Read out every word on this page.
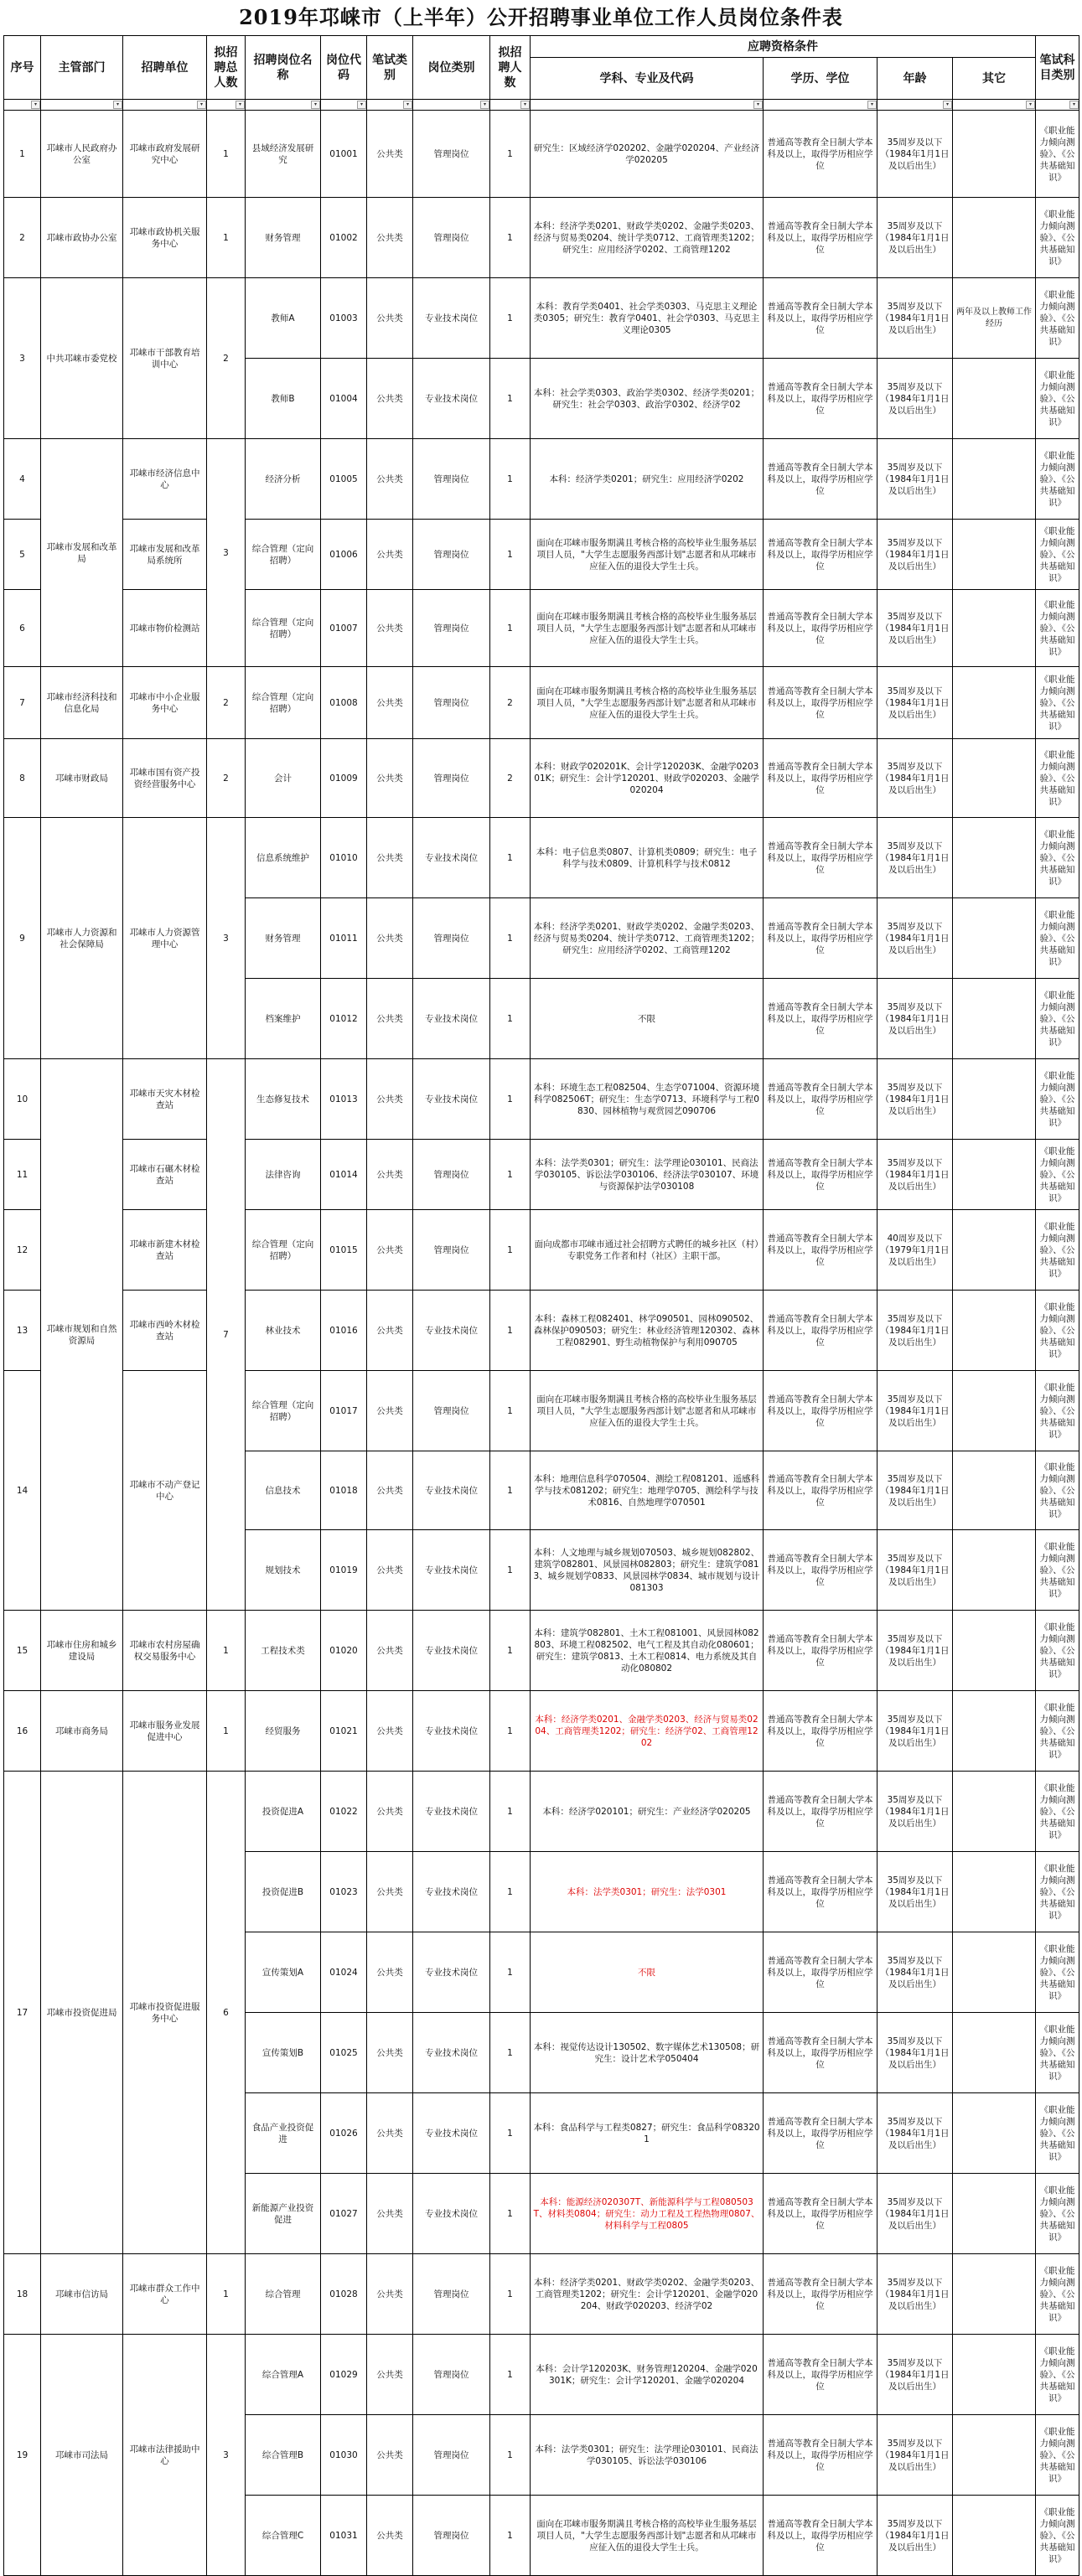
2019年邛崃市（上半年）公开招聘事业单位工作人员岗位条件表
序号	主管部门	招聘单位	拟招聘总人数	招聘岗位名称	岗位代码	笔试类别	岗位类别	拟招聘人数	应聘资格条件				笔试科目类别
									学科、专业及代码	学历、学位	年龄	其它	

▾	▾	▾	▾	▾	▾	▾	▾	▾	▾	▾	▾	▾	▾

1	邛崃市人民政府办公室	邛崃市政府发展研究中心	1	县域经济发展研究	01001	公共类	管理岗位	1	研究生：区域经济学020202、金融学020204、产业经济学020205	普通高等教育全日制大学本科及以上，取得学历相应学位	35周岁及以下（1984年1月1日及以后出生）		《职业能力倾向测验》、《公共基础知识》
2	邛崃市政协办公室	邛崃市政协机关服务中心	1	财务管理	01002	公共类	管理岗位	1	本科：经济学类0201、财政学类0202、金融学类0203、经济与贸易类0204、统计学类0712、工商管理类1202；研究生：应用经济学0202、工商管理1202	普通高等教育全日制大学本科及以上，取得学历相应学位	35周岁及以下（1984年1月1日及以后出生）		《职业能力倾向测验》、《公共基础知识》
3	中共邛崃市委党校	邛崃市干部教育培训中心	2	教师A	01003	公共类	专业技术岗位	1	本科：教育学类0401、社会学类0303、马克思主义理论类0305；研究生：教育学0401、社会学0303、马克思主义理论0305	普通高等教育全日制大学本科及以上，取得学历相应学位	35周岁及以下（1984年1月1日及以后出生）	两年及以上教师工作经历	《职业能力倾向测验》、《公共基础知识》
				教师B	01004	公共类	专业技术岗位	1	本科：社会学类0303、政治学类0302、经济学类0201；研究生：社会学0303、政治学0302、经济学02	普通高等教育全日制大学本科及以上，取得学历相应学位	35周岁及以下（1984年1月1日及以后出生）		《职业能力倾向测验》、《公共基础知识》
4	邛崃市发展和改革局	邛崃市经济信息中心	3	经济分析	01005	公共类	管理岗位	1	本科：经济学类0201；研究生：应用经济学0202	普通高等教育全日制大学本科及以上，取得学历相应学位	35周岁及以下（1984年1月1日及以后出生）		《职业能力倾向测验》、《公共基础知识》
5		邛崃市发展和改革局系统所		综合管理（定向招聘）	01006	公共类	管理岗位	1	面向在邛崃市服务期满且考核合格的高校毕业生服务基层项目人员，"大学生志愿服务西部计划"志愿者和从邛崃市应征入伍的退役大学生士兵。	普通高等教育全日制大学本科及以上，取得学历相应学位	35周岁及以下（1984年1月1日及以后出生）		《职业能力倾向测验》、《公共基础知识》
6		邛崃市物价检测站		综合管理（定向招聘）	01007	公共类	管理岗位	1	面向在邛崃市服务期满且考核合格的高校毕业生服务基层项目人员，"大学生志愿服务西部计划"志愿者和从邛崃市应征入伍的退役大学生士兵。	普通高等教育全日制大学本科及以上，取得学历相应学位	35周岁及以下（1984年1月1日及以后出生）		《职业能力倾向测验》、《公共基础知识》
7	邛崃市经济科技和信息化局	邛崃市中小企业服务中心	2	综合管理（定向招聘）	01008	公共类	管理岗位	2	面向在邛崃市服务期满且考核合格的高校毕业生服务基层项目人员，"大学生志愿服务西部计划"志愿者和从邛崃市应征入伍的退役大学生士兵。	普通高等教育全日制大学本科及以上，取得学历相应学位	35周岁及以下（1984年1月1日及以后出生）		《职业能力倾向测验》、《公共基础知识》
8	邛崃市财政局	邛崃市国有资产投资经营服务中心	2	会计	01009	公共类	管理岗位	2	本科：财政学020201K、会计学120203K、金融学020301K；研究生：会计学120201、财政学020203、金融学020204	普通高等教育全日制大学本科及以上，取得学历相应学位	35周岁及以下（1984年1月1日及以后出生）		《职业能力倾向测验》、《公共基础知识》
9	邛崃市人力资源和社会保障局	邛崃市人力资源管理中心	3	信息系统维护	01010	公共类	专业技术岗位	1	本科：电子信息类0807、计算机类0809；研究生：电子科学与技术0809、计算机科学与技术0812	普通高等教育全日制大学本科及以上，取得学历相应学位	35周岁及以下（1984年1月1日及以后出生）		《职业能力倾向测验》、《公共基础知识》
				财务管理	01011	公共类	管理岗位	1	本科：经济学类0201、财政学类0202、金融学类0203、经济与贸易类0204、统计学类0712、工商管理类1202；研究生：应用经济学0202、工商管理1202	普通高等教育全日制大学本科及以上，取得学历相应学位	35周岁及以下（1984年1月1日及以后出生）		《职业能力倾向测验》、《公共基础知识》
				档案维护	01012	公共类	专业技术岗位	1	不限	普通高等教育全日制大学本科及以上，取得学历相应学位	35周岁及以下（1984年1月1日及以后出生）		《职业能力倾向测验》、《公共基础知识》
10	邛崃市规划和自然资源局	邛崃市天灾木材检查站	7	生态修复技术	01013	公共类	专业技术岗位	1	本科：环境生态工程082504、生态学071004、资源环境科学082506T；研究生：生态学0713、环境科学与工程0830、园林植物与观赏园艺090706	普通高等教育全日制大学本科及以上，取得学历相应学位	35周岁及以下（1984年1月1日及以后出生）		《职业能力倾向测验》、《公共基础知识》
11		邛崃市石碾木材检查站		法律咨询	01014	公共类	管理岗位	1	本科：法学类0301；研究生：法学理论030101、民商法学030105、诉讼法学030106、经济法学030107、环境与资源保护法学030108	普通高等教育全日制大学本科及以上，取得学历相应学位	35周岁及以下（1984年1月1日及以后出生）		《职业能力倾向测验》、《公共基础知识》
12		邛崃市新建木材检查站		综合管理（定向招聘）	01015	公共类	管理岗位	1	面向成都市邛崃市通过社会招聘方式聘任的城乡社区（村）专职党务工作者和村（社区）主职干部。	普通高等教育全日制大学本科及以上，取得学历相应学位	40周岁及以下（1979年1月1日及以后出生）		《职业能力倾向测验》、《公共基础知识》
13		邛崃市西岭木材检查站		林业技术	01016	公共类	专业技术岗位	1	本科：森林工程082401、林学090501、园林090502、森林保护090503；研究生：林业经济管理120302、森林工程082901、野生动植物保护与利用090705	普通高等教育全日制大学本科及以上，取得学历相应学位	35周岁及以下（1984年1月1日及以后出生）		《职业能力倾向测验》、《公共基础知识》
14		邛崃市不动产登记中心		综合管理（定向招聘）	01017	公共类	管理岗位	1	面向在邛崃市服务期满且考核合格的高校毕业生服务基层项目人员，"大学生志愿服务西部计划"志愿者和从邛崃市应征入伍的退役大学生士兵。	普通高等教育全日制大学本科及以上，取得学历相应学位	35周岁及以下（1984年1月1日及以后出生）		《职业能力倾向测验》、《公共基础知识》
				信息技术	01018	公共类	专业技术岗位	1	本科：地理信息科学070504、测绘工程081201、遥感科学与技术081202；研究生：地理学0705、测绘科学与技术0816、自然地理学070501	普通高等教育全日制大学本科及以上，取得学历相应学位	35周岁及以下（1984年1月1日及以后出生）		《职业能力倾向测验》、《公共基础知识》
				规划技术	01019	公共类	专业技术岗位	1	本科：人文地理与城乡规划070503、城乡规划082802、建筑学082801、风景园林082803；研究生：建筑学0813、城乡规划学0833、风景园林学0834、城市规划与设计081303	普通高等教育全日制大学本科及以上，取得学历相应学位	35周岁及以下（1984年1月1日及以后出生）		《职业能力倾向测验》、《公共基础知识》
15	邛崃市住房和城乡建设局	邛崃市农村房屋确权交易服务中心	1	工程技术类	01020	公共类	专业技术岗位	1	本科：建筑学082801、土木工程081001、风景园林082803、环境工程082502、电气工程及其自动化080601；研究生：建筑学0813、土木工程0814、电力系统及其自动化080802	普通高等教育全日制大学本科及以上，取得学历相应学位	35周岁及以下（1984年1月1日及以后出生）		《职业能力倾向测验》、《公共基础知识》
16	邛崃市商务局	邛崃市服务业发展促进中心	1	经贸服务	01021	公共类	专业技术岗位	1	本科：经济学类0201、金融学类0203、经济与贸易类0204、工商管理类1202；研究生：经济学02、工商管理1202	普通高等教育全日制大学本科及以上，取得学历相应学位	35周岁及以下（1984年1月1日及以后出生）		《职业能力倾向测验》、《公共基础知识》
17	邛崃市投资促进局	邛崃市投资促进服务中心	6	投资促进A	01022	公共类	专业技术岗位	1	本科：经济学020101；研究生：产业经济学020205	普通高等教育全日制大学本科及以上，取得学历相应学位	35周岁及以下（1984年1月1日及以后出生）		《职业能力倾向测验》、《公共基础知识》
				投资促进B	01023	公共类	专业技术岗位	1	本科：法学类0301；研究生：法学0301	普通高等教育全日制大学本科及以上，取得学历相应学位	35周岁及以下（1984年1月1日及以后出生）		《职业能力倾向测验》、《公共基础知识》
				宣传策划A	01024	公共类	专业技术岗位	1	不限	普通高等教育全日制大学本科及以上，取得学历相应学位	35周岁及以下（1984年1月1日及以后出生）		《职业能力倾向测验》、《公共基础知识》
				宣传策划B	01025	公共类	专业技术岗位	1	本科：视觉传达设计130502、数字媒体艺术130508；研究生：设计艺术学050404	普通高等教育全日制大学本科及以上，取得学历相应学位	35周岁及以下（1984年1月1日及以后出生）		《职业能力倾向测验》、《公共基础知识》
				食品产业投资促进	01026	公共类	专业技术岗位	1	本科：食品科学与工程类0827；研究生：食品科学083201	普通高等教育全日制大学本科及以上，取得学历相应学位	35周岁及以下（1984年1月1日及以后出生）		《职业能力倾向测验》、《公共基础知识》
				新能源产业投资促进	01027	公共类	专业技术岗位	1	本科：能源经济020307T、新能源科学与工程080503T、材料类0804；研究生：动力工程及工程热物理0807、材料科学与工程0805	普通高等教育全日制大学本科及以上，取得学历相应学位	35周岁及以下（1984年1月1日及以后出生）		《职业能力倾向测验》、《公共基础知识》
18	邛崃市信访局	邛崃市群众工作中心	1	综合管理	01028	公共类	管理岗位	1	本科：经济学类0201、财政学类0202、金融学类0203、工商管理类1202；研究生：会计学120201、金融学020204、财政学020203、经济学02	普通高等教育全日制大学本科及以上，取得学历相应学位	35周岁及以下（1984年1月1日及以后出生）		《职业能力倾向测验》、《公共基础知识》
19	邛崃市司法局	邛崃市法律援助中心	3	综合管理A	01029	公共类	管理岗位	1	本科：会计学120203K、财务管理120204、金融学020301K；研究生：会计学120201、金融学020204	普通高等教育全日制大学本科及以上，取得学历相应学位	35周岁及以下（1984年1月1日及以后出生）		《职业能力倾向测验》、《公共基础知识》
				综合管理B	01030	公共类	管理岗位	1	本科：法学类0301；研究生：法学理论030101、民商法学030105、诉讼法学030106	普通高等教育全日制大学本科及以上，取得学历相应学位	35周岁及以下（1984年1月1日及以后出生）		《职业能力倾向测验》、《公共基础知识》
				综合管理C	01031	公共类	管理岗位	1	面向在邛崃市服务期满且考核合格的高校毕业生服务基层项目人员，"大学生志愿服务西部计划"志愿者和从邛崃市应征入伍的退役大学生士兵。	普通高等教育全日制大学本科及以上，取得学历相应学位	35周岁及以下（1984年1月1日及以后出生）		《职业能力倾向测验》、《公共基础知识》
